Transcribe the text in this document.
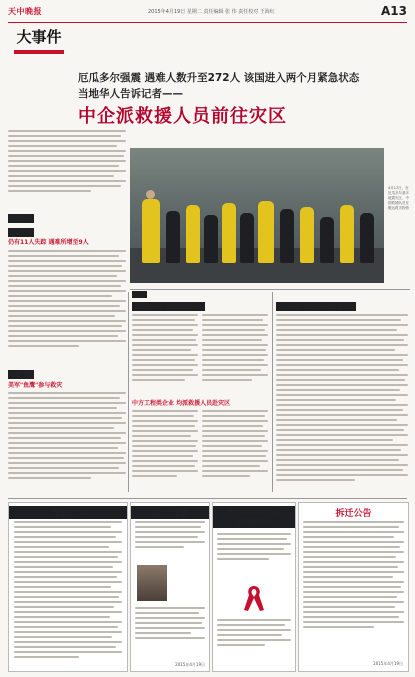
天中晚报	2015年4月19日 星期二 责任编辑 张 伟 责任校对 王海红	A13
大事件
厄瓜多尔强震 遇难人数升至272人 该国进入两个月紧急状态
当地华人告诉记者——
中企派救援人员前往灾区
日本九州
灾情现状
仍有11人失踪 遇难所增至9人
余震不断
美军"鱼鹰"参与救灾
4月17日，在厄瓜多尔基多地震灾区，中国救援队员在搬运救灾物资
高原灾
7.8级强震 致272人遇难
中方工程类企业 均派救援人员赴灾区
地震救援 中国技术装备品显
启事公告	认尸启事
2015年4月19日
如何确诊艾滋病
病毒感染?
拆迁公告
2015年4月19日
